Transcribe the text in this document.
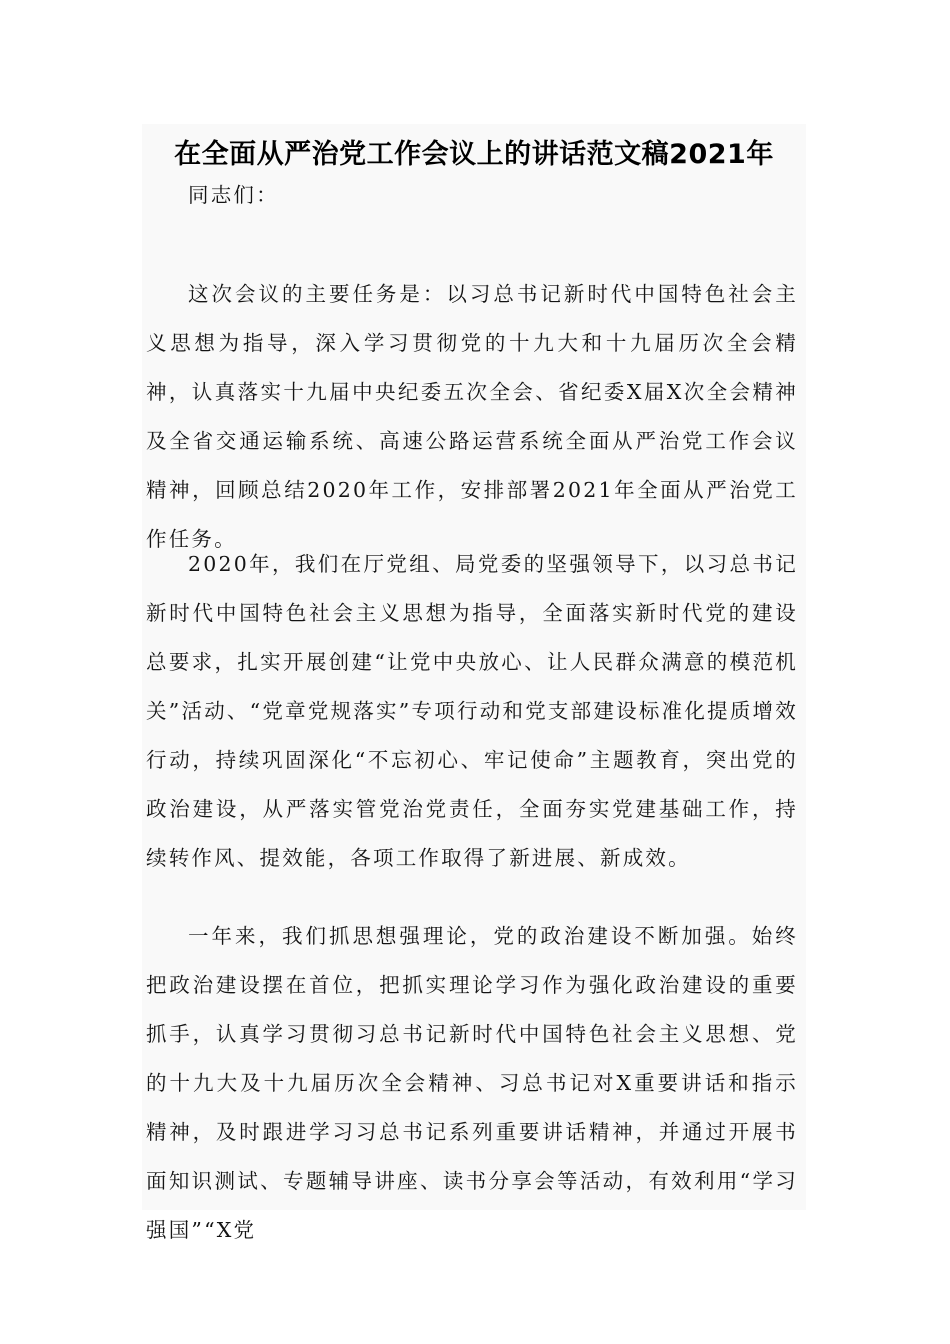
在全面从严治党工作会议上的讲话范文稿2021年

同志们：

这次会议的主要任务是：以习总书记新时代中国特色社会主义思想为指导，深入学习贯彻党的十九大和十九届历次全会精神，认真落实十九届中央纪委五次全会、省纪委X届X次全会精神及全省交通运输系统、高速公路运营系统全面从严治党工作会议精神，回顾总结2020年工作，安排部署2021年全面从严治党工作任务。

2020年，我们在厅党组、局党委的坚强领导下，以习总书记新时代中国特色社会主义思想为指导，全面落实新时代党的建设总要求，扎实开展创建“让党中央放心、让人民群众满意的模范机关”活动、“党章党规落实”专项行动和党支部建设标准化提质增效行动，持续巩固深化“不忘初心、牢记使命”主题教育，突出党的政治建设，从严落实管党治党责任，全面夯实党建基础工作，持续转作风、提效能，各项工作取得了新进展、新成效。

一年来，我们抓思想强理论，党的政治建设不断加强。始终把政治建设摆在首位，把抓实理论学习作为强化政治建设的重要抓手，认真学习贯彻习总书记新时代中国特色社会主义思想、党的十九大及十九届历次全会精神、习总书记对X重要讲话和指示精神，及时跟进学习习总书记系列重要讲话精神，并通过开展书面知识测试、专题辅导讲座、读书分享会等活动，有效利用“学习强国”“X党
